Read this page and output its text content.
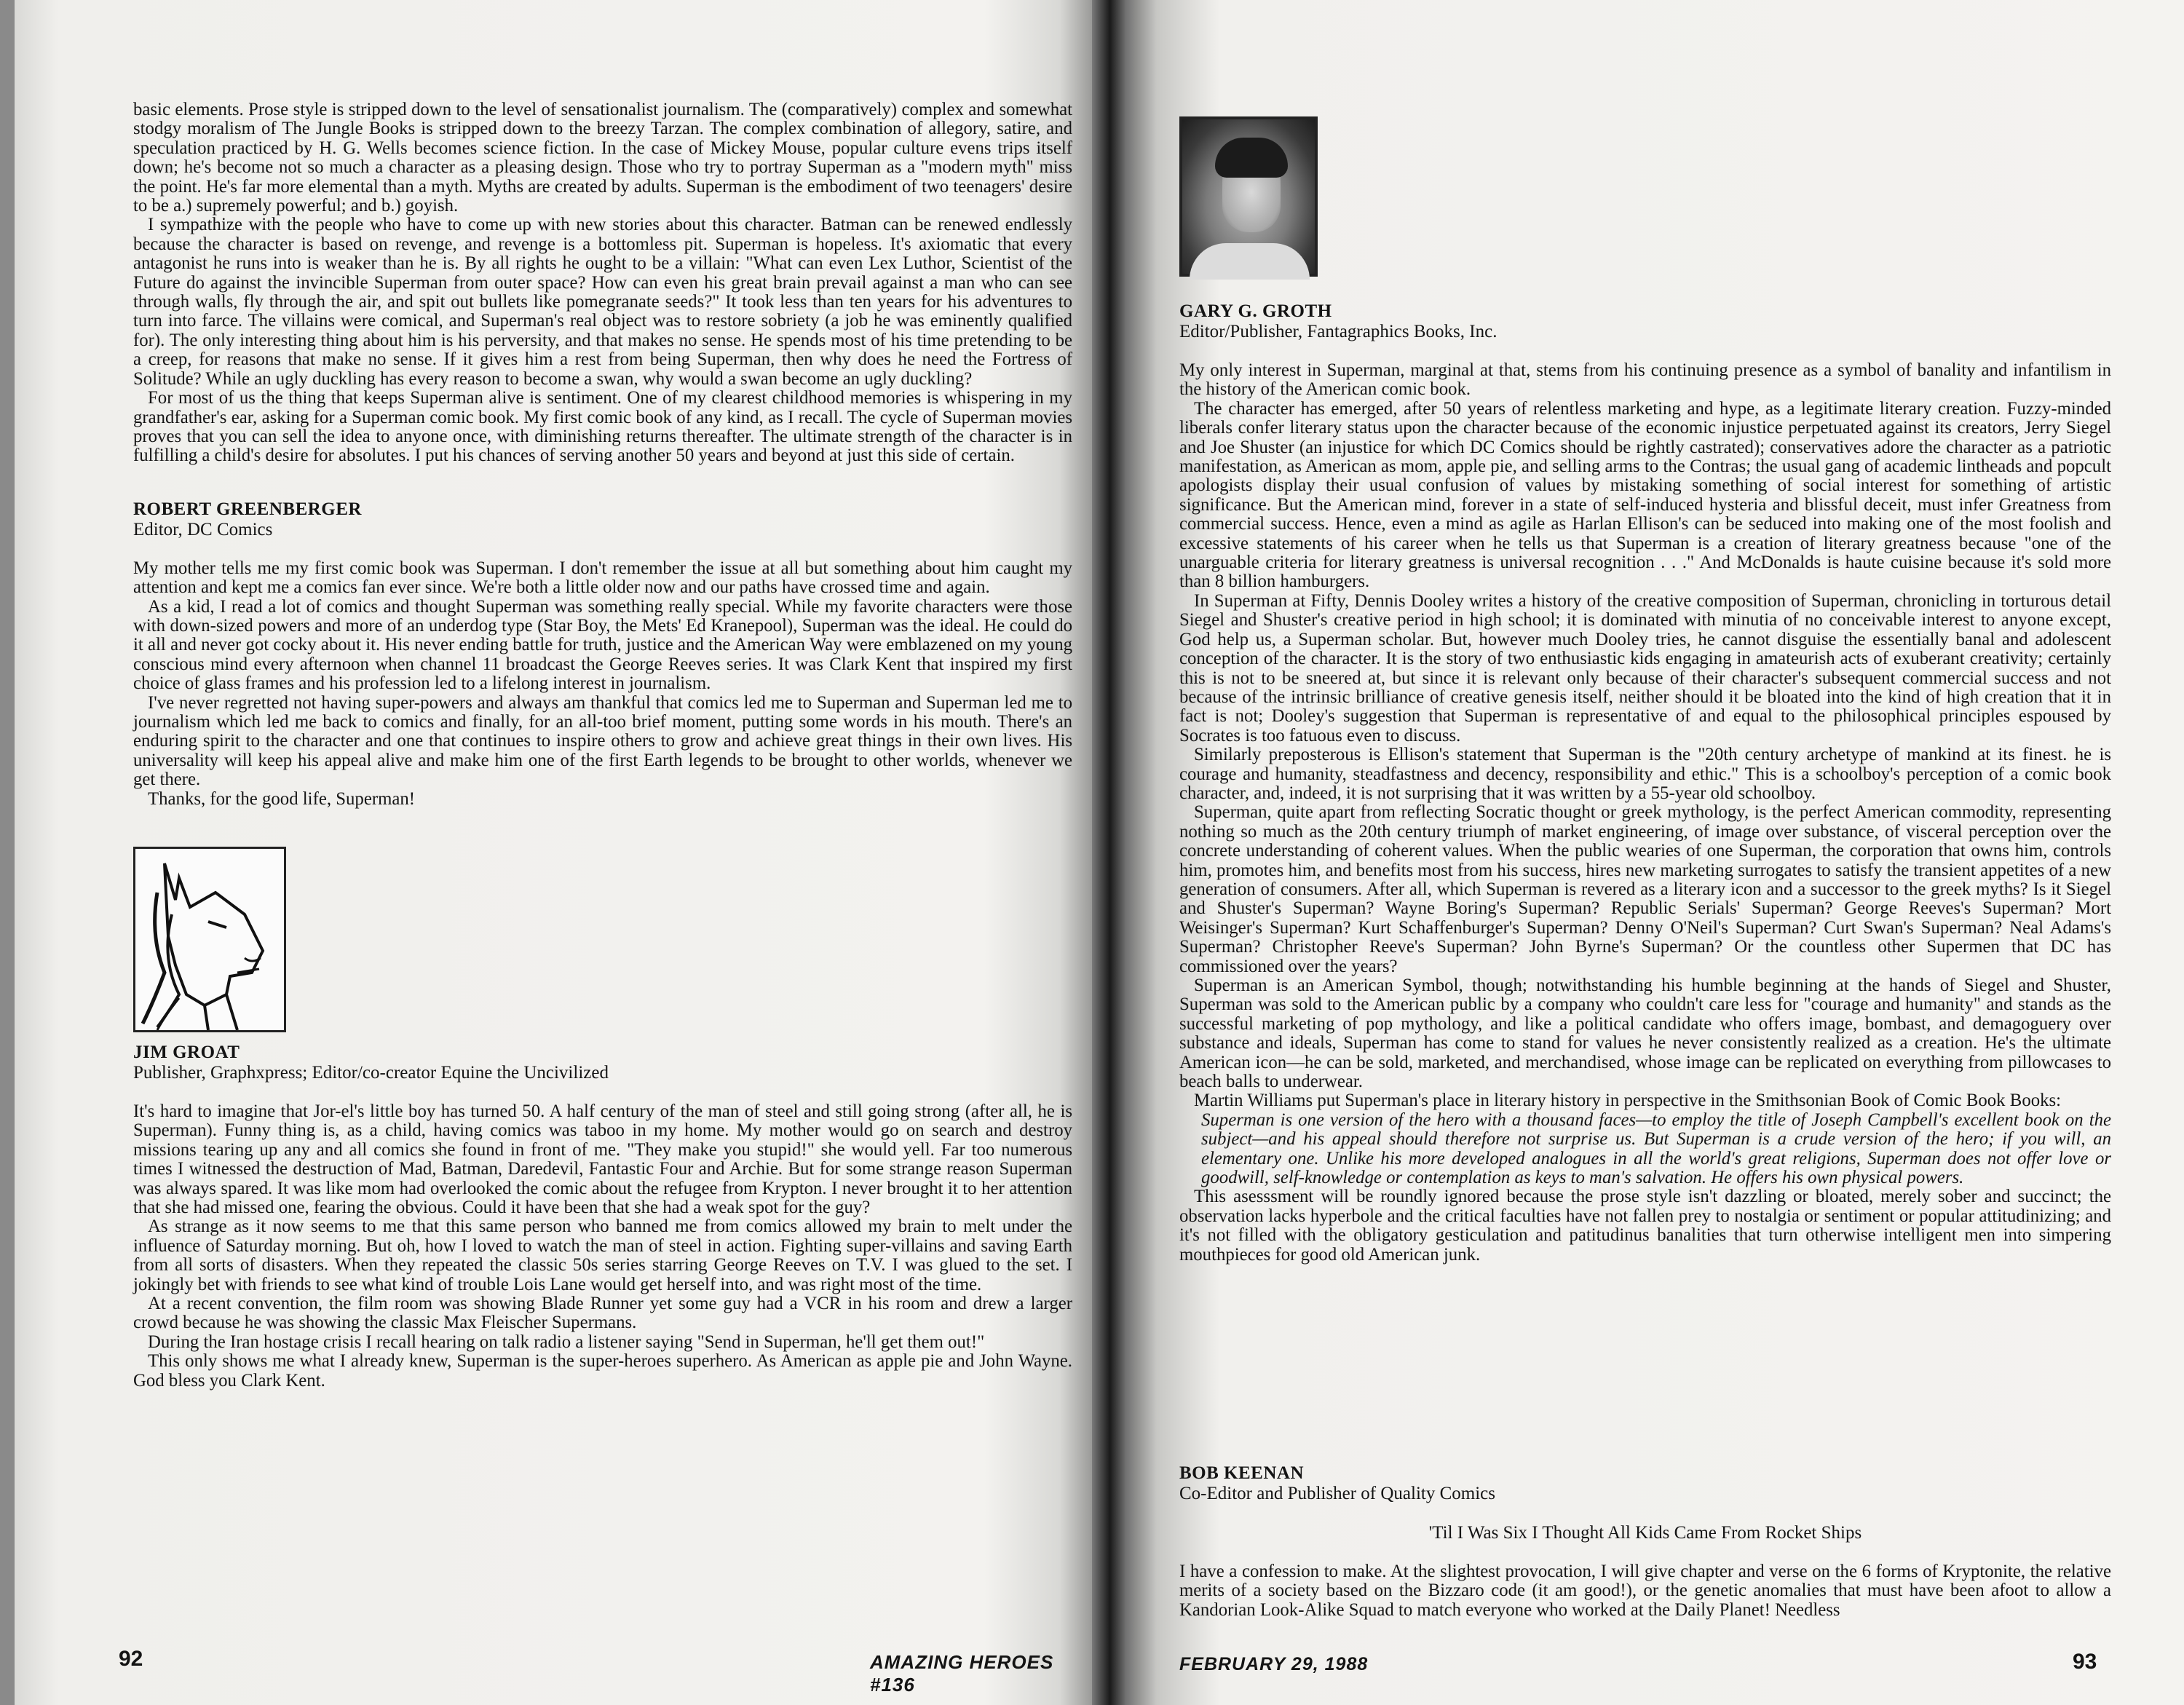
basic elements. Prose style is stripped down to the level of sensationalist journalism. The (comparatively) complex and somewhat stodgy moralism of The Jungle Books is stripped down to the breezy Tarzan. The complex combination of allegory, satire, and speculation practiced by H. G. Wells becomes science fiction. In the case of Mickey Mouse, popular culture evens trips itself down; he's become not so much a character as a pleasing design. Those who try to portray Superman as a "modern myth" miss the point. He's far more elemental than a myth. Myths are created by adults. Superman is the embodiment of two teenagers' desire to be a.) supremely powerful; and b.) goyish.

I sympathize with the people who have to come up with new stories about this character. Batman can be renewed endlessly because the character is based on revenge, and revenge is a bottomless pit. Superman is hopeless. It's axiomatic that every antagonist he runs into is weaker than he is. By all rights he ought to be a villain: "What can even Lex Luthor, Scientist of the Future do against the invincible Superman from outer space? How can even his great brain prevail against a man who can see through walls, fly through the air, and spit out bullets like pomegranate seeds?" It took less than ten years for his adventures to turn into farce. The villains were comical, and Superman's real object was to restore sobriety (a job he was eminently qualified for). The only interesting thing about him is his perversity, and that makes no sense. He spends most of his time pretending to be a creep, for reasons that make no sense. If it gives him a rest from being Superman, then why does he need the Fortress of Solitude? While an ugly duckling has every reason to become a swan, why would a swan become an ugly duckling?

For most of us the thing that keeps Superman alive is sentiment. One of my clearest childhood memories is whispering in my grandfather's ear, asking for a Superman comic book. My first comic book of any kind, as I recall. The cycle of Superman movies proves that you can sell the idea to anyone once, with diminishing returns thereafter. The ultimate strength of the character is in fulfilling a child's desire for absolutes. I put his chances of serving another 50 years and beyond at just this side of certain.

ROBERT GREENBERGER
Editor, DC Comics

My mother tells me my first comic book was Superman. I don't remember the issue at all but something about him caught my attention and kept me a comics fan ever since. We're both a little older now and our paths have crossed time and again.

As a kid, I read a lot of comics and thought Superman was something really special. While my favorite characters were those with down-sized powers and more of an underdog type (Star Boy, the Mets' Ed Kranepool), Superman was the ideal. He could do it all and never got cocky about it. His never ending battle for truth, justice and the American Way were emblazened on my young conscious mind every afternoon when channel 11 broadcast the George Reeves series. It was Clark Kent that inspired my first choice of glass frames and his profession led to a lifelong interest in journalism.

I've never regretted not having super-powers and always am thankful that comics led me to Superman and Superman led me to journalism which led me back to comics and finally, for an all-too brief moment, putting some words in his mouth. There's an enduring spirit to the character and one that continues to inspire others to grow and achieve great things in their own lives. His universality will keep his appeal alive and make him one of the first Earth legends to be brought to other worlds, whenever we get there.

Thanks, for the good life, Superman!

JIM GROAT
Publisher, Graphxpress; Editor/co-creator Equine the Uncivilized

It's hard to imagine that Jor-el's little boy has turned 50. A half century of the man of steel and still going strong (after all, he is Superman). Funny thing is, as a child, having comics was taboo in my home. My mother would go on search and destroy missions tearing up any and all comics she found in front of me. "They make you stupid!" she would yell. Far too numerous times I witnessed the destruction of Mad, Batman, Daredevil, Fantastic Four and Archie. But for some strange reason Superman was always spared. It was like mom had overlooked the comic about the refugee from Krypton. I never brought it to her attention that she had missed one, fearing the obvious. Could it have been that she had a weak spot for the guy?

As strange as it now seems to me that this same person who banned me from comics allowed my brain to melt under the influence of Saturday morning. But oh, how I loved to watch the man of steel in action. Fighting super-villains and saving Earth from all sorts of disasters. When they repeated the classic 50s series starring George Reeves on T.V. I was glued to the set. I jokingly bet with friends to see what kind of trouble Lois Lane would get herself into, and was right most of the time.

At a recent convention, the film room was showing Blade Runner yet some guy had a VCR in his room and drew a larger crowd because he was showing the classic Max Fleischer Supermans.

During the Iran hostage crisis I recall hearing on talk radio a listener saying "Send in Superman, he'll get them out!"

This only shows me what I already knew, Superman is the super-heroes superhero. As American as apple pie and John Wayne. God bless you Clark Kent.

92	AMAZING HEROES #136
GARY G. GROTH
Editor/Publisher, Fantagraphics Books, Inc.

My only interest in Superman, marginal at that, stems from his continuing presence as a symbol of banality and infantilism in the history of the American comic book.

The character has emerged, after 50 years of relentless marketing and hype, as a legitimate literary creation. Fuzzy-minded liberals confer literary status upon the character because of the economic injustice perpetuated against its creators, Jerry Siegel and Joe Shuster (an injustice for which DC Comics should be rightly castrated); conservatives adore the character as a patriotic manifestation, as American as mom, apple pie, and selling arms to the Contras; the usual gang of academic lintheads and popcult apologists display their usual confusion of values by mistaking something of social interest for something of artistic significance. But the American mind, forever in a state of self-induced hysteria and blissful deceit, must infer Greatness from commercial success. Hence, even a mind as agile as Harlan Ellison's can be seduced into making one of the most foolish and excessive statements of his career when he tells us that Superman is a creation of literary greatness because "one of the unarguable criteria for literary greatness is universal recognition . . ." And McDonalds is haute cuisine because it's sold more than 8 billion hamburgers.

In Superman at Fifty, Dennis Dooley writes a history of the creative composition of Superman, chronicling in torturous detail Siegel and Shuster's creative period in high school; it is dominated with minutia of no conceivable interest to anyone except, God help us, a Superman scholar. But, however much Dooley tries, he cannot disguise the essentially banal and adolescent conception of the character. It is the story of two enthusiastic kids engaging in amateurish acts of exuberant creativity; certainly this is not to be sneered at, but since it is relevant only because of their character's subsequent commercial success and not because of the intrinsic brilliance of creative genesis itself, neither should it be bloated into the kind of high creation that it in fact is not; Dooley's suggestion that Superman is representative of and equal to the philosophical principles espoused by Socrates is too fatuous even to discuss.

Similarly preposterous is Ellison's statement that Superman is the "20th century archetype of mankind at its finest. he is courage and humanity, steadfastness and decency, responsibility and ethic." This is a schoolboy's perception of a comic book character, and, indeed, it is not surprising that it was written by a 55-year old schoolboy.

Superman, quite apart from reflecting Socratic thought or greek mythology, is the perfect American commodity, representing nothing so much as the 20th century triumph of market engineering, of image over substance, of visceral perception over the concrete understanding of coherent values. When the public wearies of one Superman, the corporation that owns him, controls him, promotes him, and benefits most from his success, hires new marketing surrogates to satisfy the transient appetites of a new generation of consumers. After all, which Superman is revered as a literary icon and a successor to the greek myths? Is it Siegel and Shuster's Superman? Wayne Boring's Superman? Republic Serials' Superman? George Reeves's Superman? Mort Weisinger's Superman? Kurt Schaffenburger's Superman? Denny O'Neil's Superman? Curt Swan's Superman? Neal Adams's Superman? Christopher Reeve's Superman? John Byrne's Superman? Or the countless other Supermen that DC has commissioned over the years?

Superman is an American Symbol, though; notwithstanding his humble beginning at the hands of Siegel and Shuster, Superman was sold to the American public by a company who couldn't care less for "courage and humanity" and stands as the successful marketing of pop mythology, and like a political candidate who offers image, bombast, and demagoguery over substance and ideals, Superman has come to stand for values he never consistently realized as a creation. He's the ultimate American icon—he can be sold, marketed, and merchandised, whose image can be replicated on everything from pillowcases to beach balls to underwear.

Martin Williams put Superman's place in literary history in perspective in the Smithsonian Book of Comic Book Books:

Superman is one version of the hero with a thousand faces—to employ the title of Joseph Campbell's excellent book on the subject—and his appeal should therefore not surprise us. But Superman is a crude version of the hero; if you will, an elementary one. Unlike his more developed analogues in all the world's great religions, Superman does not offer love or goodwill, self-knowledge or contemplation as keys to man's salvation. He offers his own physical powers.

This asesssment will be roundly ignored because the prose style isn't dazzling or bloated, merely sober and succinct; the observation lacks hyperbole and the critical faculties have not fallen prey to nostalgia or sentiment or popular attitudinizing; and it's not filled with the obligatory gesticulation and patitudinus banalities that turn otherwise intelligent men into simpering mouthpieces for good old American junk.

BOB KEENAN
Co-Editor and Publisher of Quality Comics
'Til I Was Six I Thought All Kids Came From Rocket Ships

I have a confession to make. At the slightest provocation, I will give chapter and verse on the 6 forms of Kryptonite, the relative merits of a society based on the Bizzaro code (it am good!), or the genetic anomalies that must have been afoot to allow a Kandorian Look-Alike Squad to match everyone who worked at the Daily Planet! Needless

FEBRUARY 29, 1988	93
